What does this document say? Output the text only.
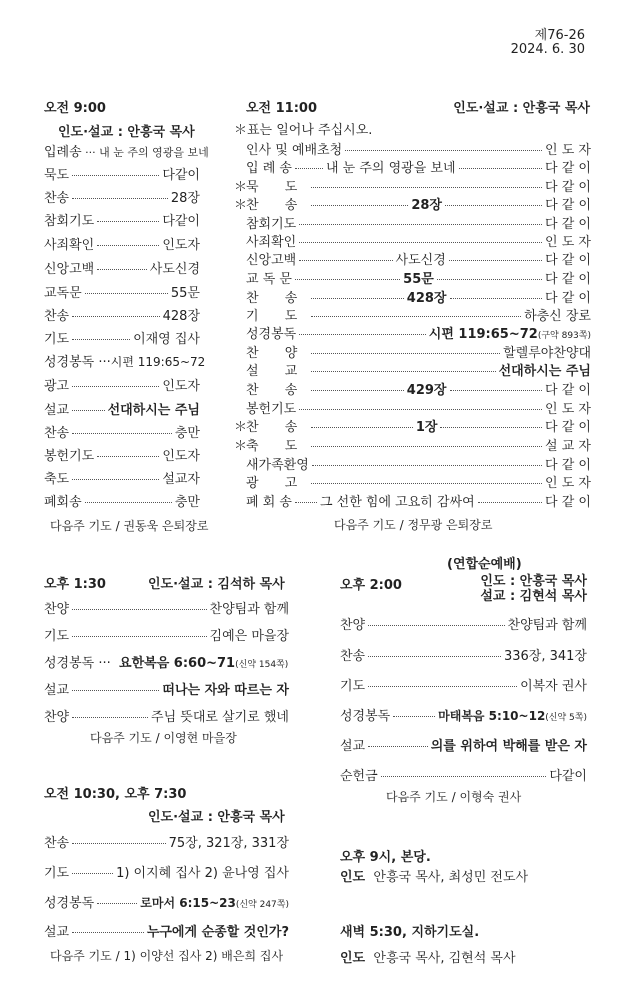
제76-26
2024. 6. 30
오전 9:00
인도·설교 : 안흥국 목사
입례송 ··· 내 눈 주의 영광을 보네
묵도	다같이
찬송	28장
참회기도	다같이
사죄확인	인도자
신앙고백	사도신경
교독문	55문
찬송	428장
기도	이재영 집사
성경봉독 ··· 시편 119:65~72
광고	인도자
설교	선대하시는 주님
찬송	충만
봉헌기도	인도자
축도	설교자
폐회송	충만
다음주 기도 / 권동욱 은퇴장로
오전 11:00	인도·설교 : 안흥국 목사
＊표는 일어나 주십시오.
인사 및 예배초청	인 도 자
입 례 송	내 눈 주의 영광을 보네	다 같 이
＊
묵 도	다 같 이
＊
찬 송	28장	다 같 이
참회기도	다 같 이
사죄확인	인 도 자
신앙고백	사도신경	다 같 이
교 독 문	55문	다 같 이
찬 송	428장	다 같 이
기 도	하충신 장로
성경봉독	시편 119:65~72 (구약 893쪽)
찬 양	할렐루야찬양대
설 교	선대하시는 주님
찬 송	429장	다 같 이
봉헌기도	인 도 자
＊
찬 송	1장	다 같 이
＊
축 도	설 교 자
새가족환영	다 같 이
광 고	인 도 자
폐 회 송 그 선한 힘에 고요히 감싸여	다 같 이
다음주 기도 / 정무광 은퇴장로
오후 1:30	인도·설교 : 김석하 목사
찬양	찬양팀과 함께
기도	김예은 마을장
성경봉독 ··· 요한복음 6:60~71 (신약 154쪽)
설교	떠나는 자와 따르는 자
찬양	주님 뜻대로 살기로 했네
다음주 기도 / 이영현 마을장
(연합순예배)
오후 2:00	인도 : 안흥국 목사
설교 : 김현석 목사
찬양	찬양팀과 함께
찬송	336장, 341장
기도	이복자 권사
성경봉독	마태복음 5:10~12 (신약 5쪽)
설교	의를 위하여 박해를 받은 자
순헌금	다같이
다음주 기도 / 이형숙 권사
오전 10:30, 오후 7:30
인도·설교 : 안흥국 목사
찬송	75장, 321장, 331장
기도	1) 이지혜 집사 2) 윤나영 집사
성경봉독	로마서 6:15~23 (신약 247쪽)
설교	누구에게 순종할 것인가?
다음주 기도 / 1) 이양선 집사 2) 배은희 집사
오후 9시, 본당.
인도 안흥국 목사, 최성민 전도사
새벽 5:30, 지하기도실.
인도 안흥국 목사, 김현석 목사
